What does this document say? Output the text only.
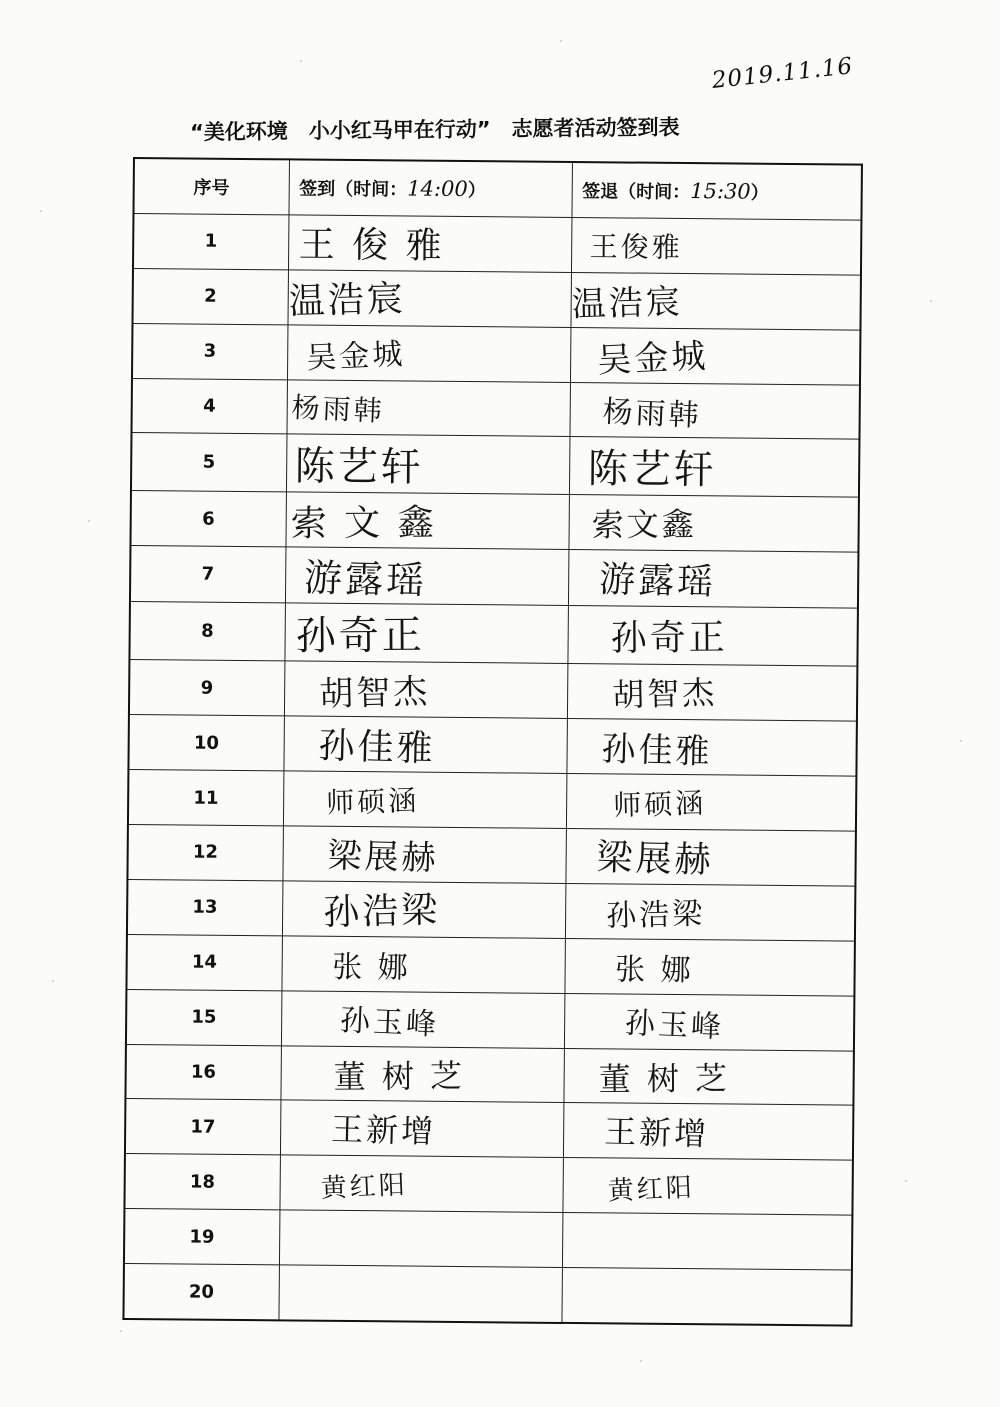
2019.11.16
“美化环境　小小红马甲在行动”　志愿者活动签到表
序号	签到（时间：14:00）	签退（时间：15:30）
1	王 俊 雅	王俊雅
2	温浩宸	温浩宸
3	吴金城	吴金城
4	杨雨韩	杨雨韩
5	陈艺轩	陈艺轩
6	索 文 鑫	索文鑫
7	游露瑶	游露瑶
8	孙奇正	孙奇正
9	胡智杰	胡智杰
10	孙佳雅	孙佳雅
11	师硕涵	师硕涵
12	梁展赫	梁展赫
13	孙浩梁	孙浩梁
14	张 娜	张 娜
15	孙玉峰	孙玉峰
16	董 树 芝	董 树 芝
17	王新增	王新增
18	黄红阳	黄红阳
19		
20		
